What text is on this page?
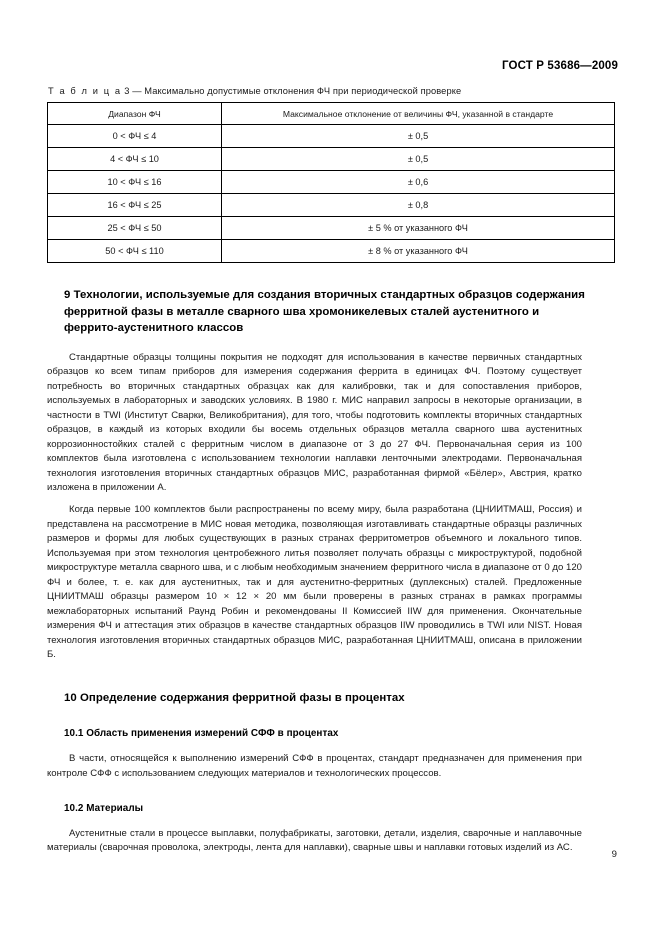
ГОСТ Р 53686—2009
Т а б л и ц а 3 — Максимально допустимые отклонения ФЧ при периодической проверке
Диапазон ФЧ	Максимальное отклонение от величины ФЧ, указанной в стандарте
0 < ФЧ ≤ 4	± 0,5
4 < ФЧ ≤ 10	± 0,5
10 < ФЧ ≤ 16	± 0,6
16 < ФЧ ≤ 25	± 0,8
25 < ФЧ ≤ 50	± 5 % от указанного ФЧ
50 < ФЧ ≤ 110	± 8 % от указанного ФЧ
9 Технологии, используемые для создания вторичных стандартных образцов содержания ферритной фазы в металле сварного шва хромоникелевых сталей аустенитного и феррито-аустенитного классов

Стандартные образцы толщины покрытия не подходят для использования в качестве первичных стандартных образцов ко всем типам приборов для измерения содержания феррита в единицах ФЧ. Поэтому существует потребность во вторичных стандартных образцах как для калибровки, так и для сопоставления приборов, используемых в лабораторных и заводских условиях. В 1980 г. МИС направил запросы в некоторые организации, в частности в TWI (Институт Сварки, Великобритания), для того, чтобы подготовить комплекты вторичных стандартных образцов, в каждый из которых входили бы восемь отдельных образцов металла сварного шва аустенитных коррозионностойких сталей с ферритным числом в диапазоне от 3 до 27 ФЧ. Первоначальная серия из 100 комплектов была изготовлена с использованием технологии наплавки ленточными электродами. Первоначальная технология изготовления вторичных стандартных образцов МИС, разработанная фирмой «Бёлер», Австрия, кратко изложена в приложении А.

Когда первые 100 комплектов были распространены по всему миру, была разработана (ЦНИИТМАШ, Россия) и представлена на рассмотрение в МИС новая методика, позволяющая изготавливать стандартные образцы различных размеров и формы для любых существующих в разных странах ферритометров объемного и локального типов. Используемая при этом технология центробежного литья позволяет получать образцы с микроструктурой, подобной микроструктуре металла сварного шва, и с любым необходимым значением ферритного числа в диапазоне от 0 до 120 ФЧ и более, т. е. как для аустенитных, так и для аустенитно-ферритных (дуплексных) сталей. Предложенные ЦНИИТМАШ образцы размером 10 × 12 × 20 мм были проверены в разных странах в рамках программы межлабораторных испытаний Раунд Робин и рекомендованы II Комиссией IIW для применения. Окончательные измерения ФЧ и аттестация этих образцов в качестве стандартных образцов IIW проводились в TWI или NIST. Новая технология изготовления вторичных стандартных образцов МИС, разработанная ЦНИИТМАШ, описана в приложении Б.

10 Определение содержания ферритной фазы в процентах
10.1 Область применения измерений СФФ в процентах

В части, относящейся к выполнению измерений СФФ в процентах, стандарт предназначен для применения при контроле СФФ с использованием следующих материалов и технологических процессов.

10.2 Материалы

Аустенитные стали в процессе выплавки, полуфабрикаты, заготовки, детали, изделия, сварочные и наплавочные материалы (сварочная проволока, электроды, лента для наплавки), сварные швы и наплавки готовых изделий из АС.

9
